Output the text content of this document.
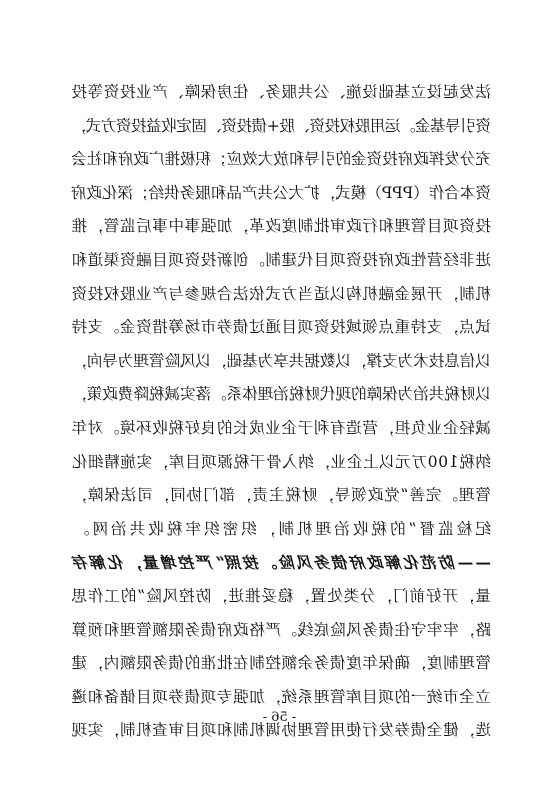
法发起设立基础设施、公共服务、住房保障、产业投资等投
资引导基金。运用股权投资、股+债投资、固定收益投资方式，
充分发挥政府投资金的引导和放大效应；积极推广政府和社会
资本合作（PPP）模式，扩大公共产品和服务供给；深化政府
投资项目管理和行政审批制度改革，加强事中事后监管，推
进非经营性政府投资项目代建制。创新投资项目融资渠道和
机制，开展金融机构以适当方式依法合规参与产业股权投资
试点，支持重点领域投资项目通过债券市场筹措资金。支持
以信息技术为支撑，以数据共享为基础，以风险管理为导向，
以财税共治为保障的现代财税治理体系。落实减税降费政策，
减轻企业负担，营造有利于企业成长的良好税收环境。对年
纳税100万元以上企业，纳入骨干税源项目库，实施精细化
管理。完善“党政领导，财税主责，部门协同，司法保障，
纪检监督”的税收治理机制，织密织牢税收共治网。
——防范化解政府债务风险。按照“严控增量，化解存
量，开好前门，分类处置，稳妥推进，防控风险”的工作思
路，牢牢守住债务风险底线。严格政府债务限额管理和预算
管理制度，确保年度债务余额控制在批准的债务限额内，建
立全市统一的项目库管理系统，加强专项债券项目储备和遴
选，健全债券发行使用管理协调机制和项目审查机制，实现
- 56 -
